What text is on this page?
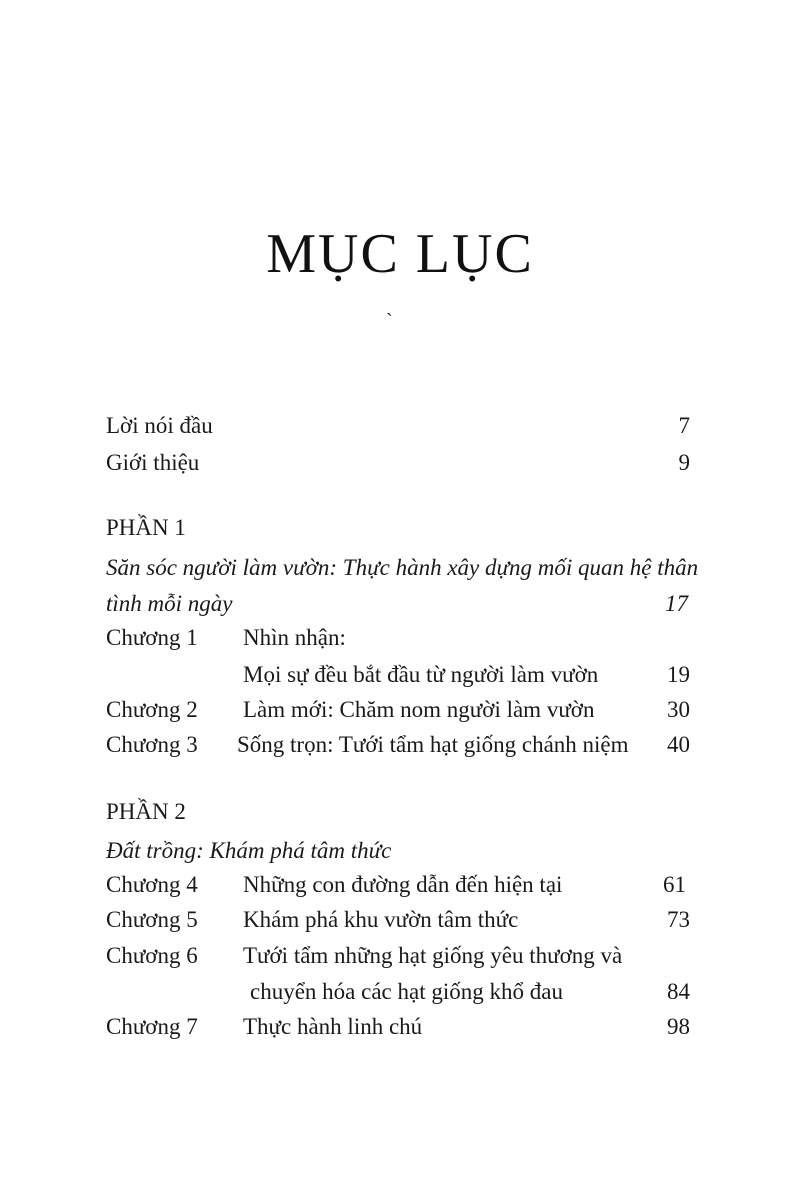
MỤC LỤC
`
Lời nói đầu	7
Giới thiệu	9
PHẦN 1
Săn sóc người làm vườn: Thực hành xây dựng mối quan hệ thân
tình mỗi ngày	17
Chương 1 Nhìn nhận:
Mọi sự đều bắt đầu từ người làm vườn	19
Chương 2 Làm mới: Chăm nom người làm vườn	30
Chương 3 Sống trọn: Tưới tẩm hạt giống chánh niệm 40
PHẦN 2
Đất trồng: Khám phá tâm thức
Chương 4 Những con đường dẫn đến hiện tại	61
Chương 5 Khám phá khu vườn tâm thức	73
Chương 6 Tưới tẩm những hạt giống yêu thương và
chuyển hóa các hạt giống khổ đau	84
Chương 7 Thực hành linh chú	98
